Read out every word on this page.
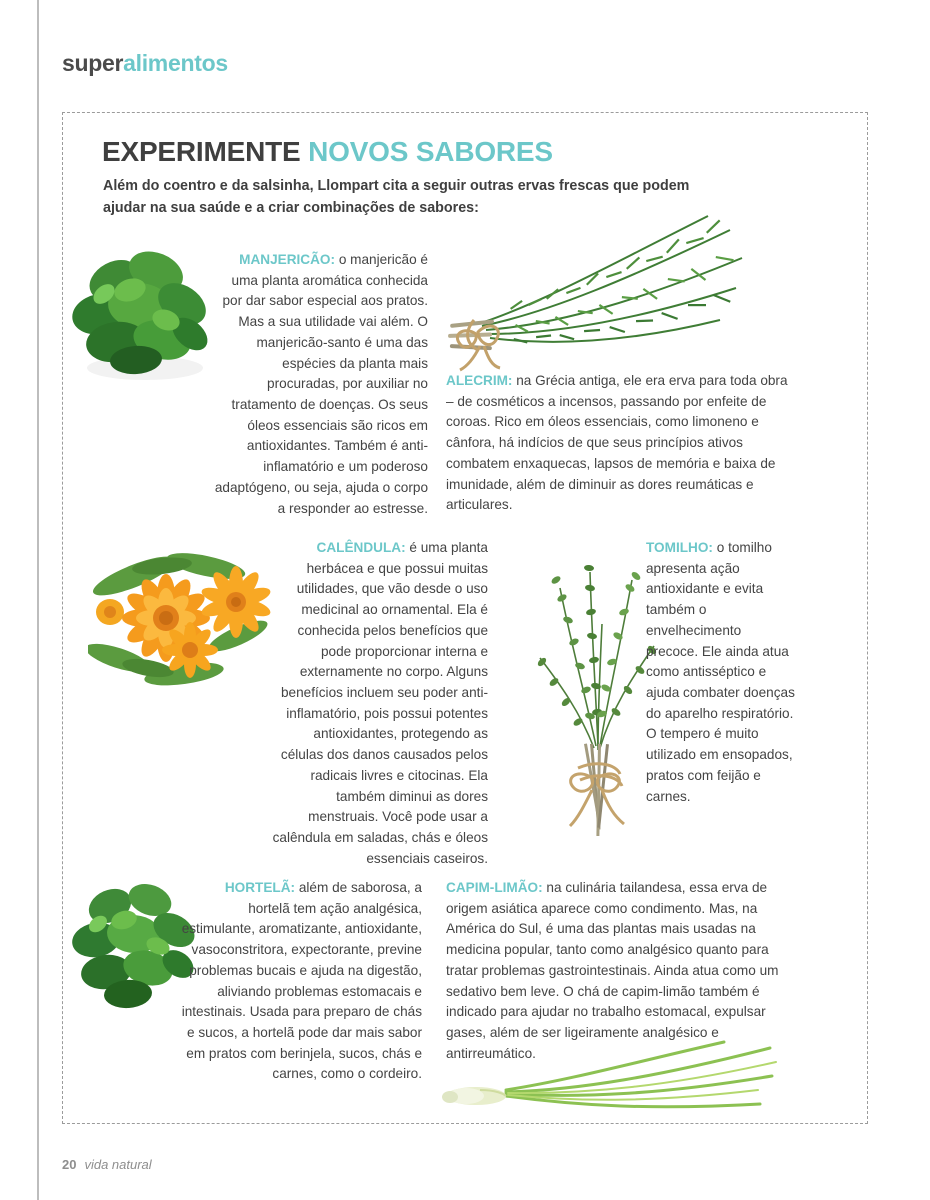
superalimentos
EXPERIMENTE NOVOS SABORES
Além do coentro e da salsinha, Llompart cita a seguir outras ervas frescas que podem ajudar na sua saúde e a criar combinações de sabores:
MANJERICÃO: o manjericão é uma planta aromática conhecida por dar sabor especial aos pratos. Mas a sua utilidade vai além. O manjericão-santo é uma das espécies da planta mais procuradas, por auxiliar no tratamento de doenças. Os seus óleos essenciais são ricos em antioxidantes. Também é anti-inflamatório e um poderoso adaptógeno, ou seja, ajuda o corpo a responder ao estresse.
ALECRIM: na Grécia antiga, ele era erva para toda obra – de cosméticos a incensos, passando por enfeite de coroas. Rico em óleos essenciais, como limoneno e cânfora, há indícios de que seus princípios ativos combatem enxaquecas, lapsos de memória e baixa de imunidade, além de diminuir as dores reumáticas e articulares.
CALÊNDULA: é uma planta herbácea e que possui muitas utilidades, que vão desde o uso medicinal ao ornamental. Ela é conhecida pelos benefícios que pode proporcionar interna e externamente no corpo. Alguns benefícios incluem seu poder anti-inflamatório, pois possui potentes antioxidantes, protegendo as células dos danos causados pelos radicais livres e citocinas. Ela também diminui as dores menstruais. Você pode usar a calêndula em saladas, chás e óleos essenciais caseiros.
TOMILHO: o tomilho apresenta ação antioxidante e evita também o envelhecimento precoce. Ele ainda atua como antisséptico e ajuda combater doenças do aparelho respiratório. O tempero é muito utilizado em ensopados, pratos com feijão e carnes.
HORTELÃ: além de saborosa, a hortelã tem ação analgésica, estimulante, aromatizante, antioxidante, vasoconstritora, expectorante, previne problemas bucais e ajuda na digestão, aliviando problemas estomacais e intestinais. Usada para preparo de chás e sucos, a hortelã pode dar mais sabor em pratos com berinjela, sucos, chás e carnes, como o cordeiro.
CAPIM-LIMÃO: na culinária tailandesa, essa erva de origem asiática aparece como condimento. Mas, na América do Sul, é uma das plantas mais usadas na medicina popular, tanto como analgésico quanto para tratar problemas gastrointestinais. Ainda atua como um sedativo bem leve. O chá de capim-limão também é indicado para ajudar no trabalho estomacal, expulsar gases, além de ser ligeiramente analgésico e antirreumático.
20 vida natural
